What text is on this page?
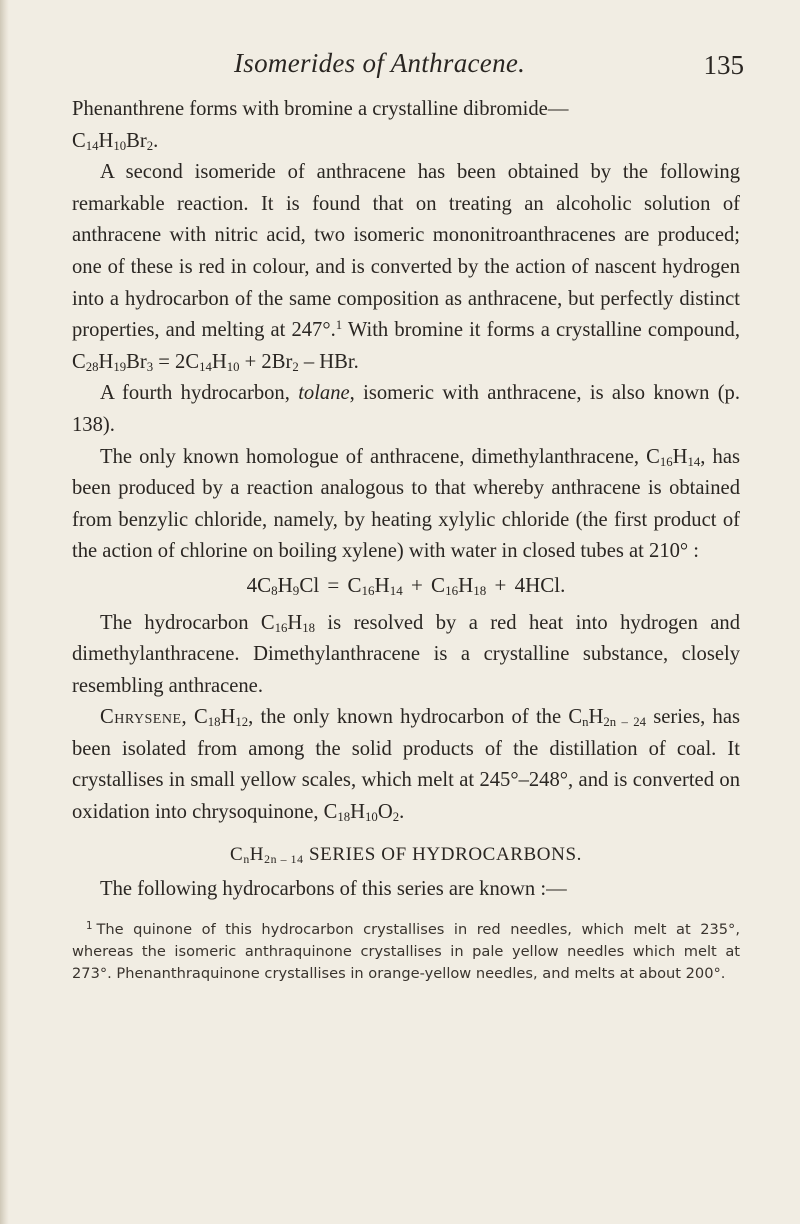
Isomerides of Anthracene.	135

Phenanthrene forms with bromine a crystalline dibromide—
$C_{14}H_{10}Br_2$.

A second isomeride of anthracene has been obtained by the following remarkable reaction. It is found that on treating an alcoholic solution of anthracene with nitric acid, two isomeric mononitroanthracenes are produced; one of these is red in colour, and is converted by the action of nascent hydrogen into a hydrocarbon of the same composition as anthracene, but perfectly distinct properties, and melting at 247°.$^1$ With bromine it forms a crystalline compound, $C_{28}H_{19}Br_3 = 2C_{14}H_{10} + 2Br_2$ – HBr.

A fourth hydrocarbon, tolane, isomeric with anthracene, is also known (p. 138).

The only known homologue of anthracene, dimethylanthracene, $C_{16}H_{14}$, has been produced by a reaction analogous to that whereby anthracene is obtained from benzylic chloride, namely, by heating xylylic chloride (the first product of the action of chlorine on boiling xylene) with water in closed tubes at 210° :

$4C_8H_9Cl = C_{16}H_{14} + C_{16}H_{18} + 4HCl$.

The hydrocarbon $C_{16}H_{18}$ is resolved by a red heat into hydrogen and dimethylanthracene. Dimethylanthracene is a crystalline substance, closely resembling anthracene.

Chrysene, $C_{18}H_{12}$, the only known hydrocarbon of the $C_nH_{2n - 24}$ series, has been isolated from among the solid products of the distillation of coal. It crystallises in small yellow scales, which melt at 245°–248°, and is converted on oxidation into chrysoquinone, $C_{18}H_{10}O_2$.

$C_nH_{2n - 14}$ SERIES OF HYDROCARBONS.

The following hydrocarbons of this series are known :—

$^1$ The quinone of this hydrocarbon crystallises in red needles, which melt at 235°, whereas the isomeric anthraquinone crystallises in pale yellow needles which melt at 273°. Phenanthraquinone crystallises in orange-yellow needles, and melts at about 200°.
